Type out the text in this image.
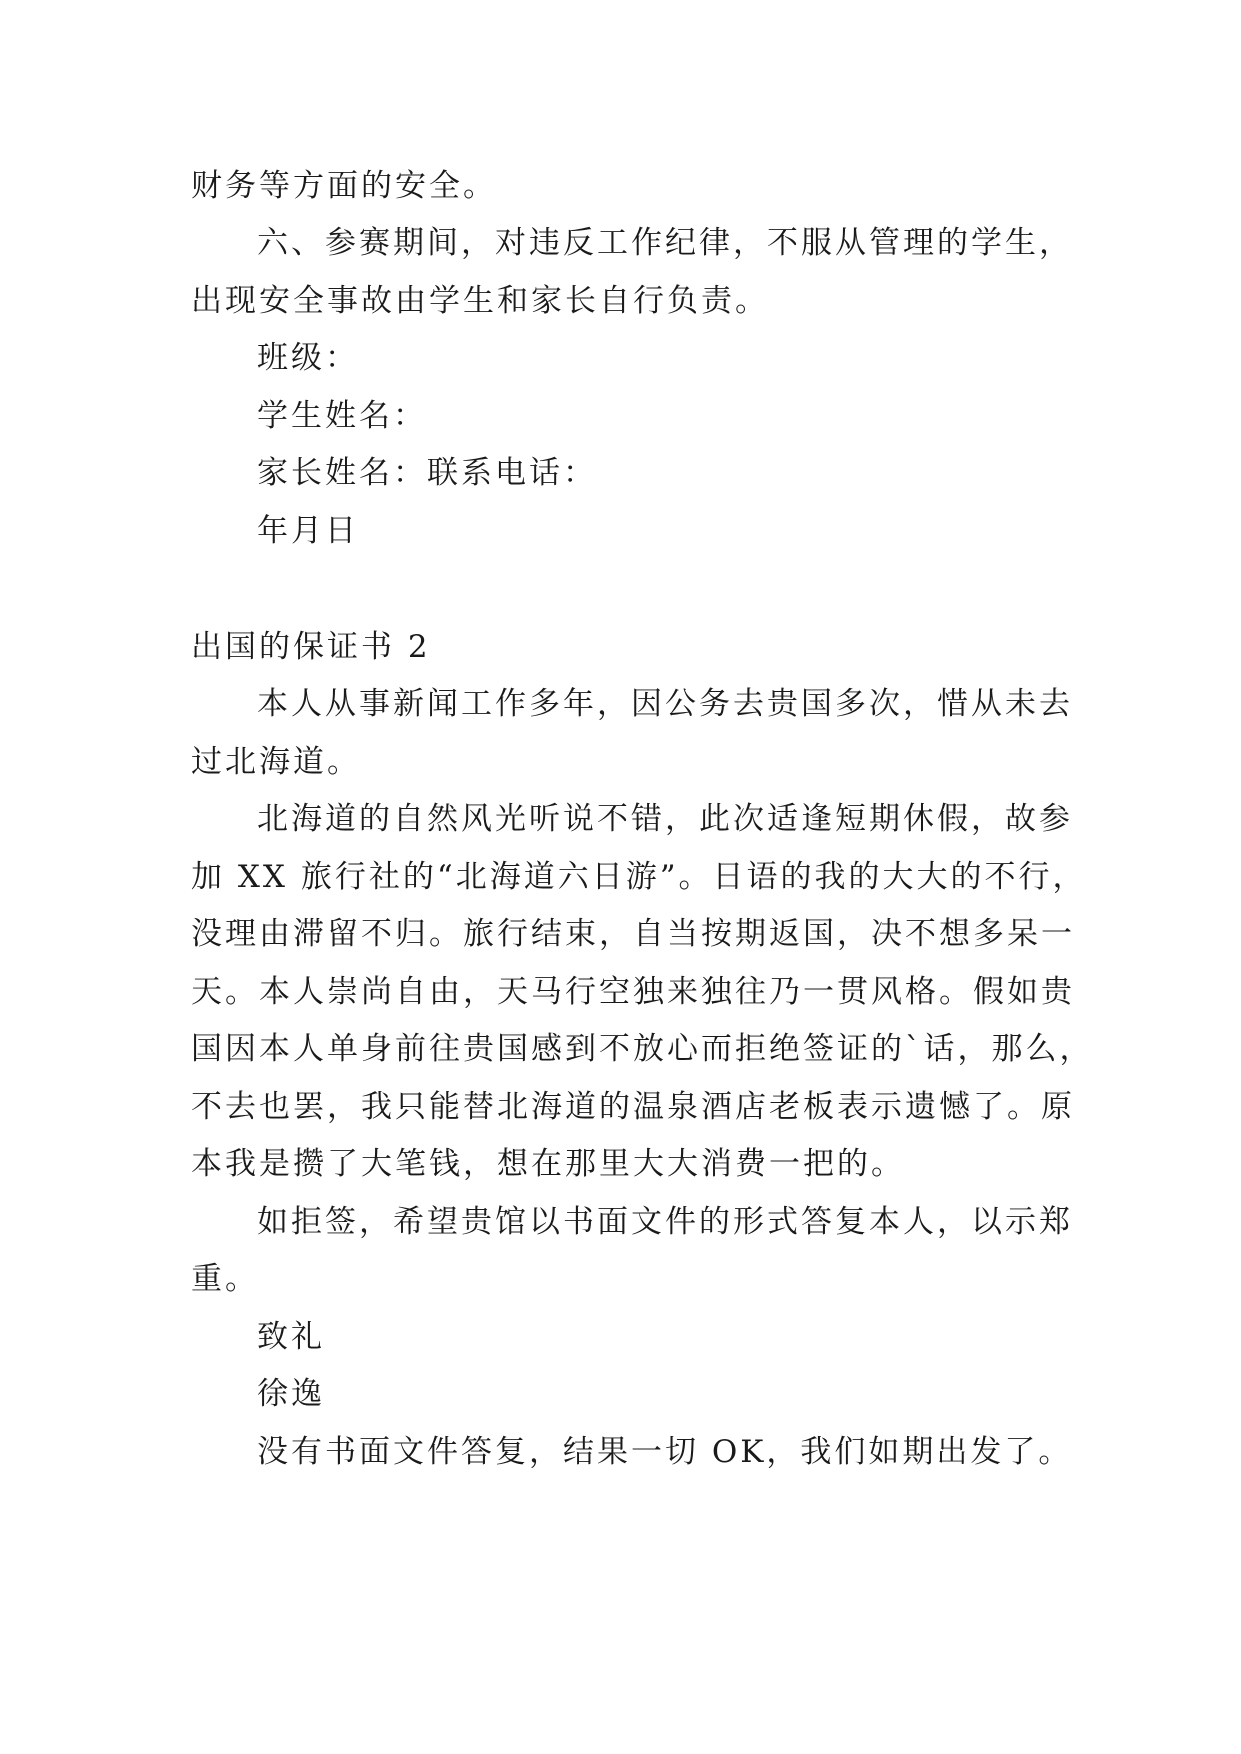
财务等方面的安全。
六、参赛期间，对违反工作纪律，不服从管理的学生，
出现安全事故由学生和家长自行负责。
班级：
学生姓名：
家长姓名：联系电话：
年月日
出国的保证书 2
本人从事新闻工作多年，因公务去贵国多次，惜从未去
过北海道。
北海道的自然风光听说不错，此次适逢短期休假，故参
加 XX 旅行社的“北海道六日游”。日语的我的大大的不行，
没理由滞留不归。旅行结束，自当按期返国，决不想多呆一
天。本人崇尚自由，天马行空独来独往乃一贯风格。假如贵
国因本人单身前往贵国感到不放心而拒绝签证的`话，那么，
不去也罢，我只能替北海道的温泉酒店老板表示遗憾了。原
本我是攒了大笔钱，想在那里大大消费一把的。
如拒签，希望贵馆以书面文件的形式答复本人，以示郑
重。
致礼
徐逸
没有书面文件答复，结果一切 OK，我们如期出发了。
